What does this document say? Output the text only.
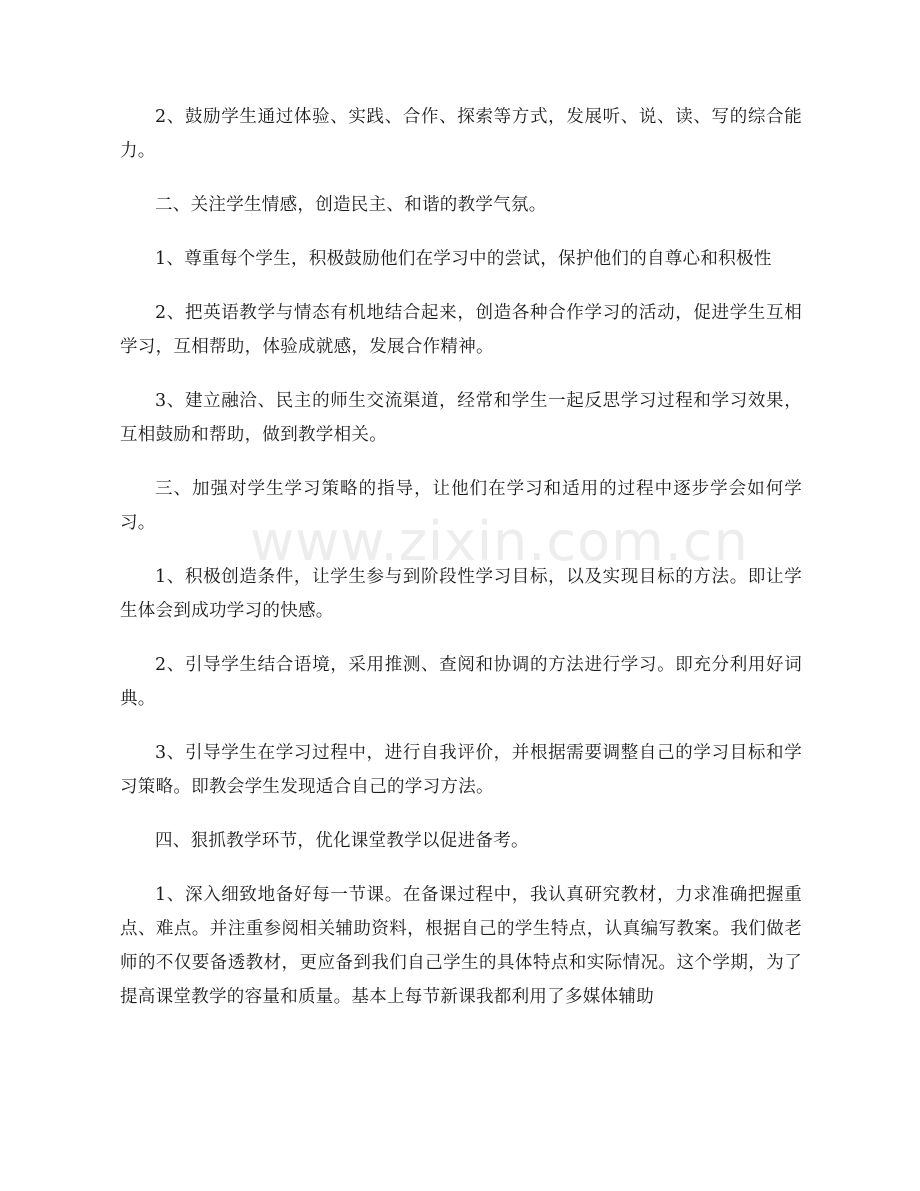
2、鼓励学生通过体验、实践、合作、探索等方式，发展听、说、读、写的综合能力。

二、关注学生情感，创造民主、和谐的教学气氛。

1、尊重每个学生，积极鼓励他们在学习中的尝试，保护他们的自尊心和积极性

2、把英语教学与情态有机地结合起来，创造各种合作学习的活动，促进学生互相学习，互相帮助，体验成就感，发展合作精神。

3、建立融洽、民主的师生交流渠道，经常和学生一起反思学习过程和学习效果，互相鼓励和帮助，做到教学相关。

三、加强对学生学习策略的指导，让他们在学习和适用的过程中逐步学会如何学习。

1、积极创造条件，让学生参与到阶段性学习目标，以及实现目标的方法。即让学生体会到成功学习的快感。

2、引导学生结合语境，采用推测、查阅和协调的方法进行学习。即充分利用好词典。

3、引导学生在学习过程中，进行自我评价，并根据需要调整自己的学习目标和学习策略。即教会学生发现适合自己的学习方法。

四、狠抓教学环节，优化课堂教学以促进备考。

1、深入细致地备好每一节课。在备课过程中，我认真研究教材，力求准确把握重点、难点。并注重参阅相关辅助资料，根据自己的学生特点，认真编写教案。我们做老师的不仅要备透教材，更应备到我们自己学生的具体特点和实际情况。这个学期，为了提高课堂教学的容量和质量。基本上每节新课我都利用了多媒体辅助

www.zixin.com.cn
